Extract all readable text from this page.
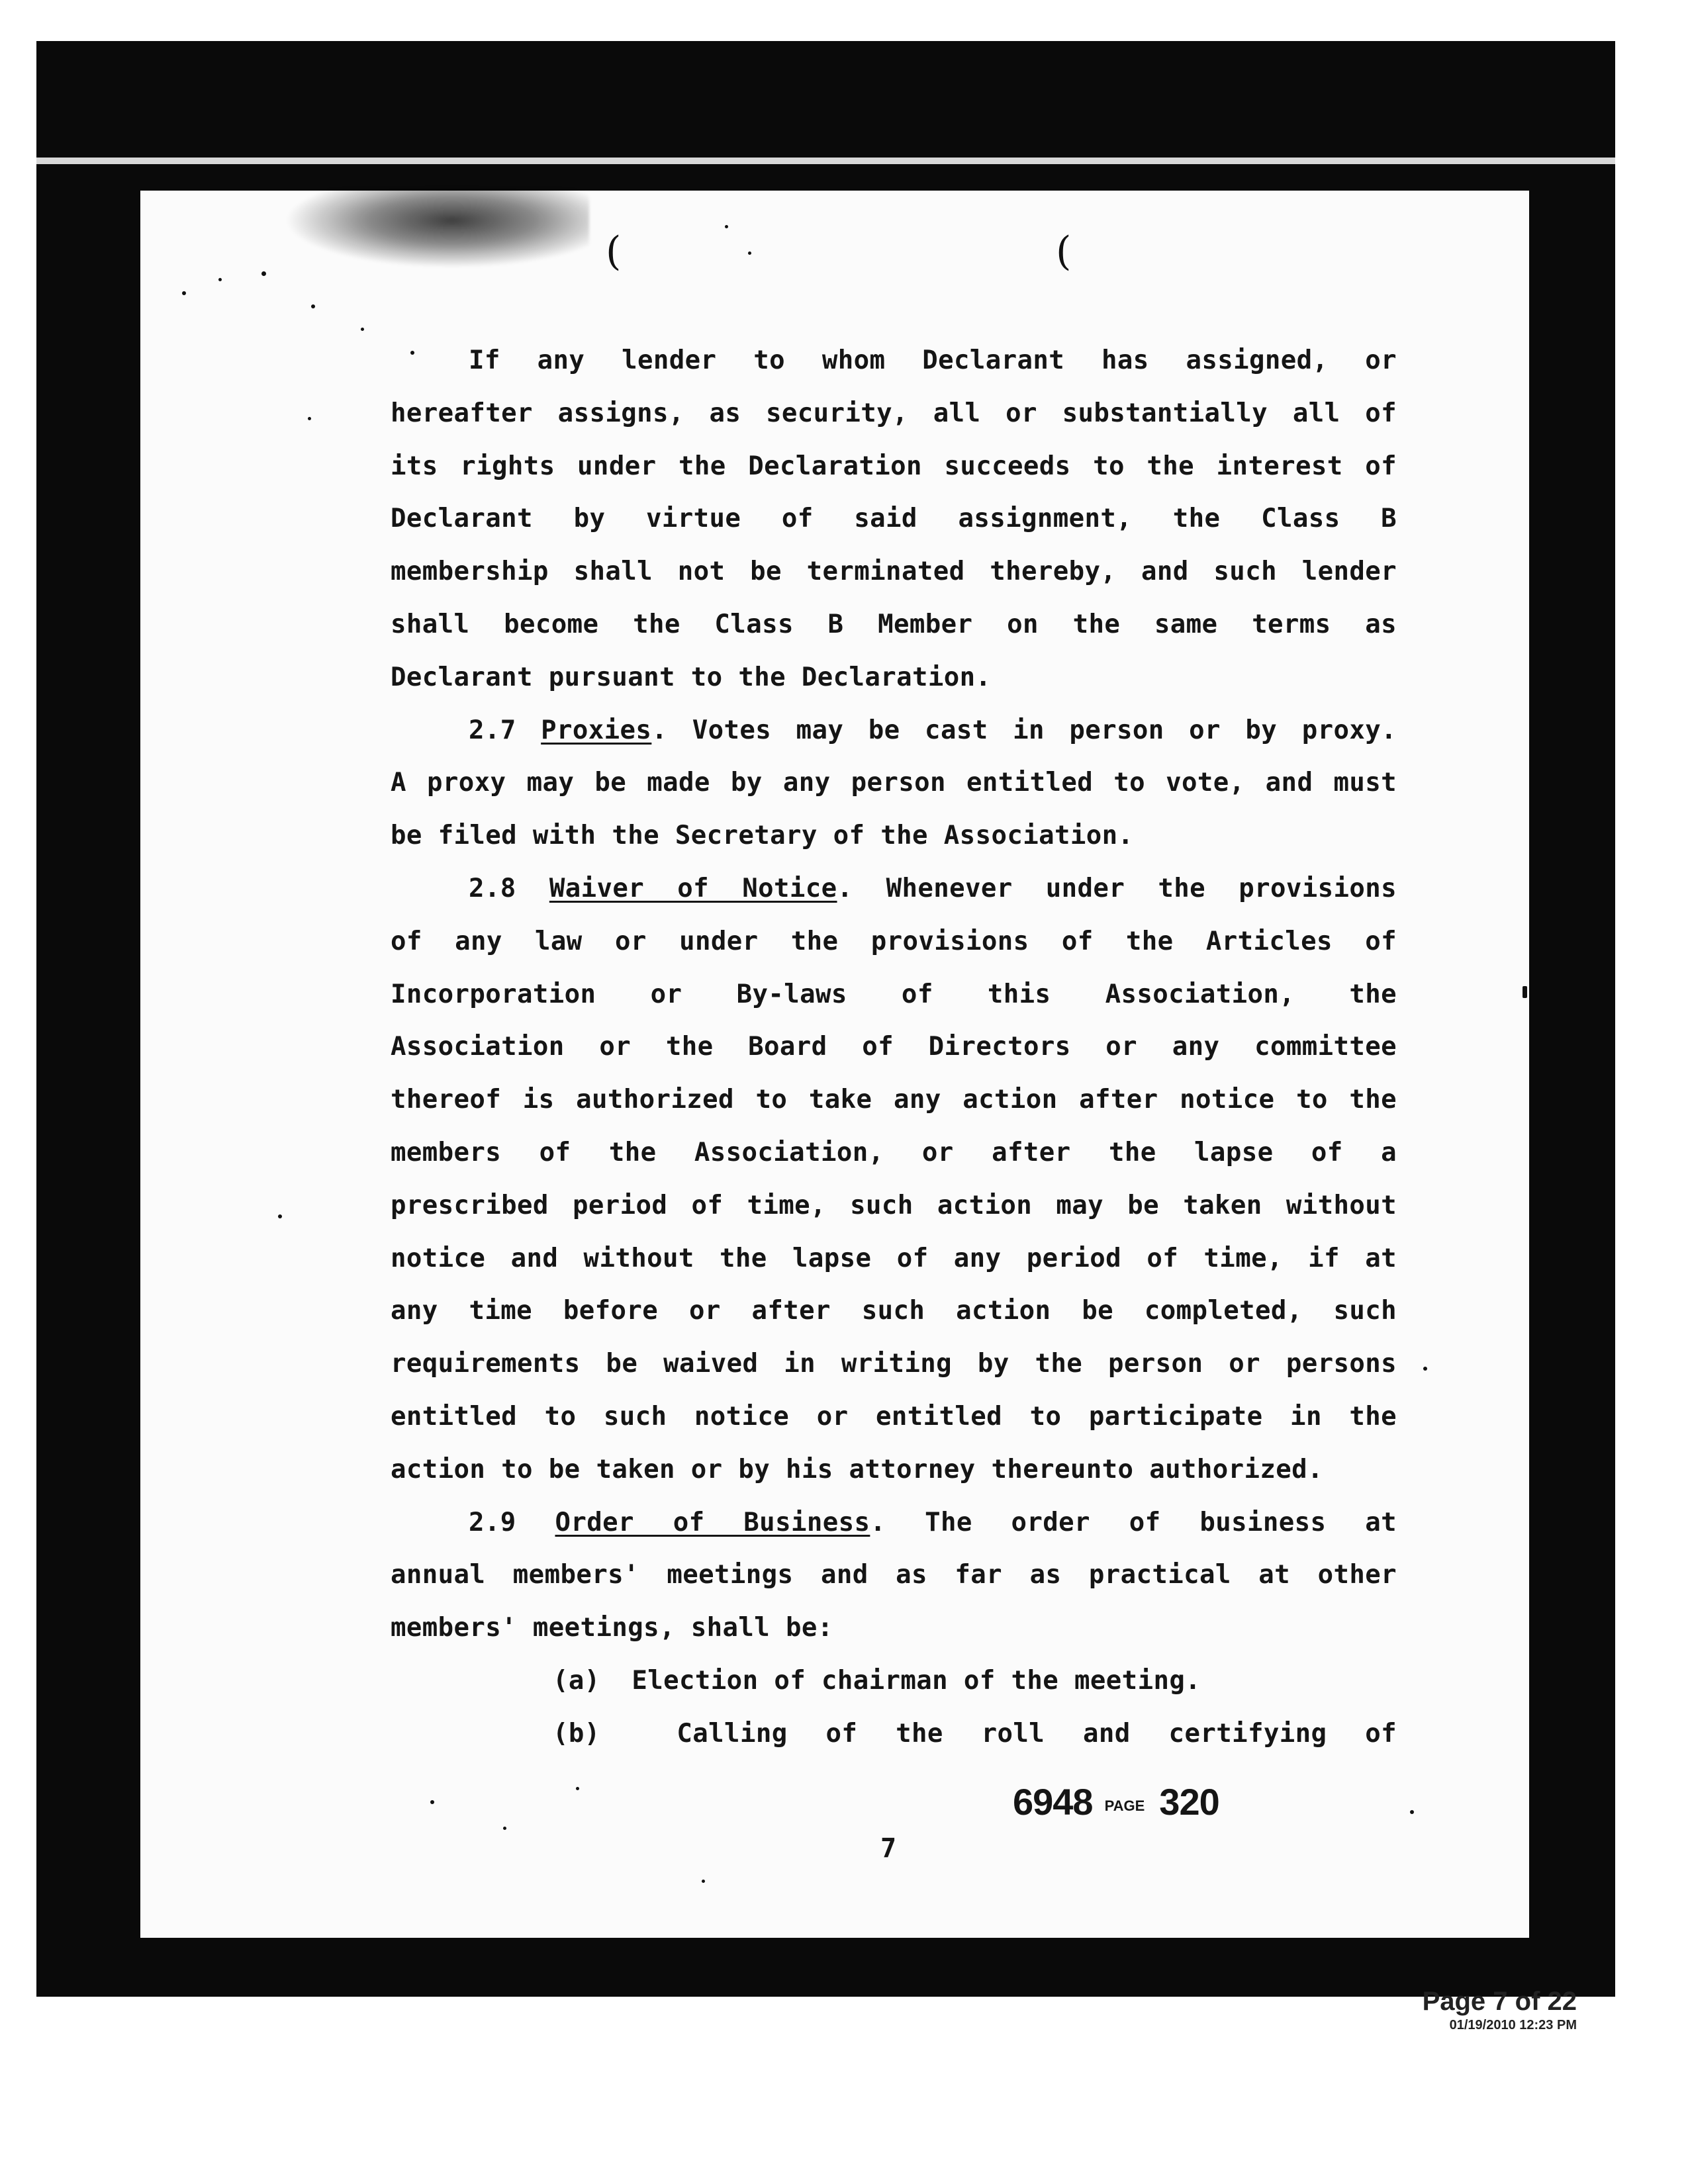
(	(
If any lender to whom Declarant has assigned, or
hereafter assigns, as security, all or substantially all of
its rights under the Declaration succeeds to the interest of
Declarant by virtue of said assignment, the Class B
membership shall not be terminated thereby, and such lender
shall become the Class B Member on the same terms as
Declarant pursuant to the Declaration.
2.7 Proxies. Votes may be cast in person or by proxy.
A proxy may be made by any person entitled to vote, and must
be filed with the Secretary of the Association.
2.8 Waiver of Notice. Whenever under the provisions
of any law or under the provisions of the Articles of
Incorporation or By-laws of this Association, the
Association or the Board of Directors or any committee
thereof is authorized to take any action after notice to the
members of the Association, or after the lapse of a
prescribed period of time, such action may be taken without
notice and without the lapse of any period of time, if at
any time before or after such action be completed, such
requirements be waived in writing by the person or persons
entitled to such notice or entitled to participate in the
action to be taken or by his attorney thereunto authorized.
2.9 Order of Business. The order of business at
annual members' meetings and as far as practical at other
members' meetings, shall be:
(a) Election of chairman of the meeting.
(b)	Calling of the roll and certifying of
6948 PAGE 320
7
Page 7 of 22
01/19/2010 12:23 PM
